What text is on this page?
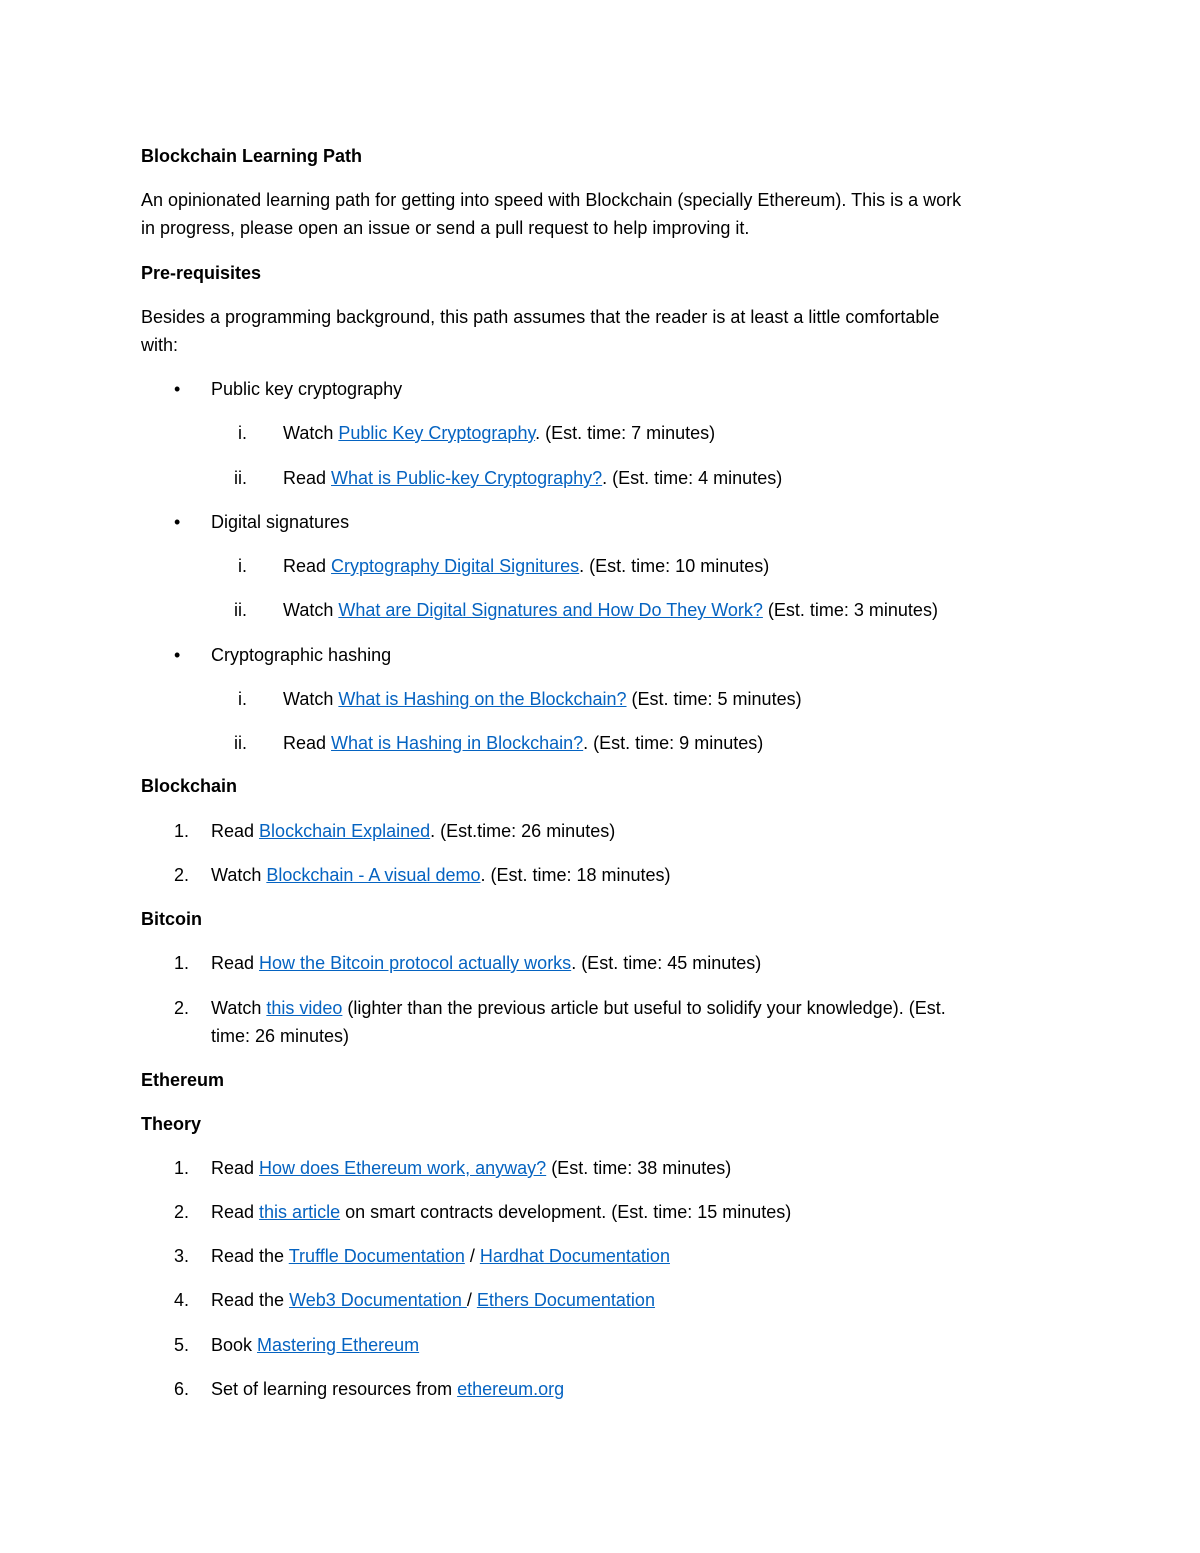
Blockchain Learning Path
An opinionated learning path for getting into speed with Blockchain (specially Ethereum). This is a work
in progress, please open an issue or send a pull request to help improving it.
Pre-requisites
Besides a programming background, this path assumes that the reader is at least a little comfortable
with:
•	Public key cryptography
i. Watch Public Key Cryptography. (Est. time: 7 minutes)
ii. Read What is Public-key Cryptography?. (Est. time: 4 minutes)
•	Digital signatures
i. Read Cryptography Digital Signitures. (Est. time: 10 minutes)
ii. Watch What are Digital Signatures and How Do They Work? (Est. time: 3 minutes)
•	Cryptographic hashing
i. Watch What is Hashing on the Blockchain? (Est. time: 5 minutes)
ii. Read What is Hashing in Blockchain?. (Est. time: 9 minutes)
Blockchain
1.	Read Blockchain Explained. (Est.time: 26 minutes)
2.	Watch Blockchain - A visual demo. (Est. time: 18 minutes)
Bitcoin
1.	Read How the Bitcoin protocol actually works. (Est. time: 45 minutes)
2.	Watch this video (lighter than the previous article but useful to solidify your knowledge). (Est.
time: 26 minutes)
Ethereum
Theory
1.	Read How does Ethereum work, anyway? (Est. time: 38 minutes)
2.	Read this article on smart contracts development. (Est. time: 15 minutes)
3.	Read the Truffle Documentation / Hardhat Documentation
4.	Read the Web3 Documentation / Ethers Documentation
5.	Book Mastering Ethereum
6.	Set of learning resources from ethereum.org
